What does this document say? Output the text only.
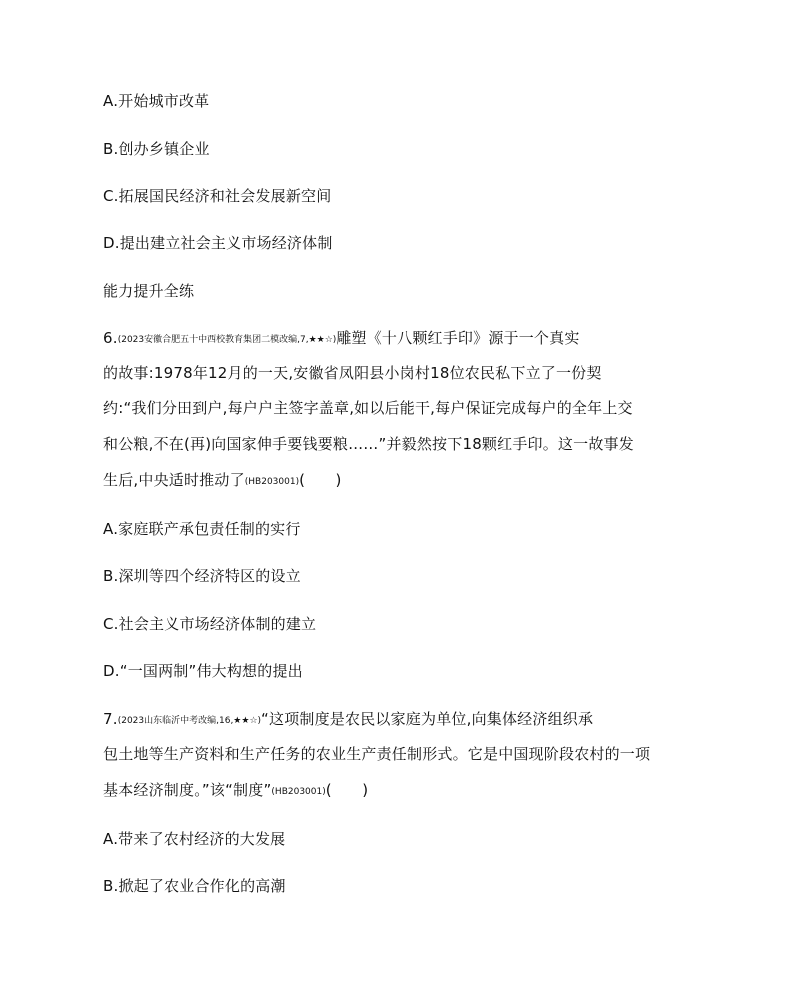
A.开始城市改革
B.创办乡镇企业
C.拓展国民经济和社会发展新空间
D.提出建立社会主义市场经济体制
能力提升全练
6.(2023安徽合肥五十中西校教育集团二模改编,7,★★☆)雕塑《十八颗红手印》源于一个真实
的故事:1978年12月的一天,安徽省凤阳县小岗村18位农民私下立了一份契
约:“我们分田到户,每户户主签字盖章,如以后能干,每户保证完成每户的全年上交
和公粮,不在(再)向国家伸手要钱要粮……”并毅然按下18颗红手印。这一故事发
生后,中央适时推动了(HB203001)(　　)
A.家庭联产承包责任制的实行
B.深圳等四个经济特区的设立
C.社会主义市场经济体制的建立
D.“一国两制”伟大构想的提出
7.(2023山东临沂中考改编,16,★★☆)“这项制度是农民以家庭为单位,向集体经济组织承
包土地等生产资料和生产任务的农业生产责任制形式。它是中国现阶段农村的一项
基本经济制度。”该“制度”(HB203001)(　　)
A.带来了农村经济的大发展
B.掀起了农业合作化的高潮
